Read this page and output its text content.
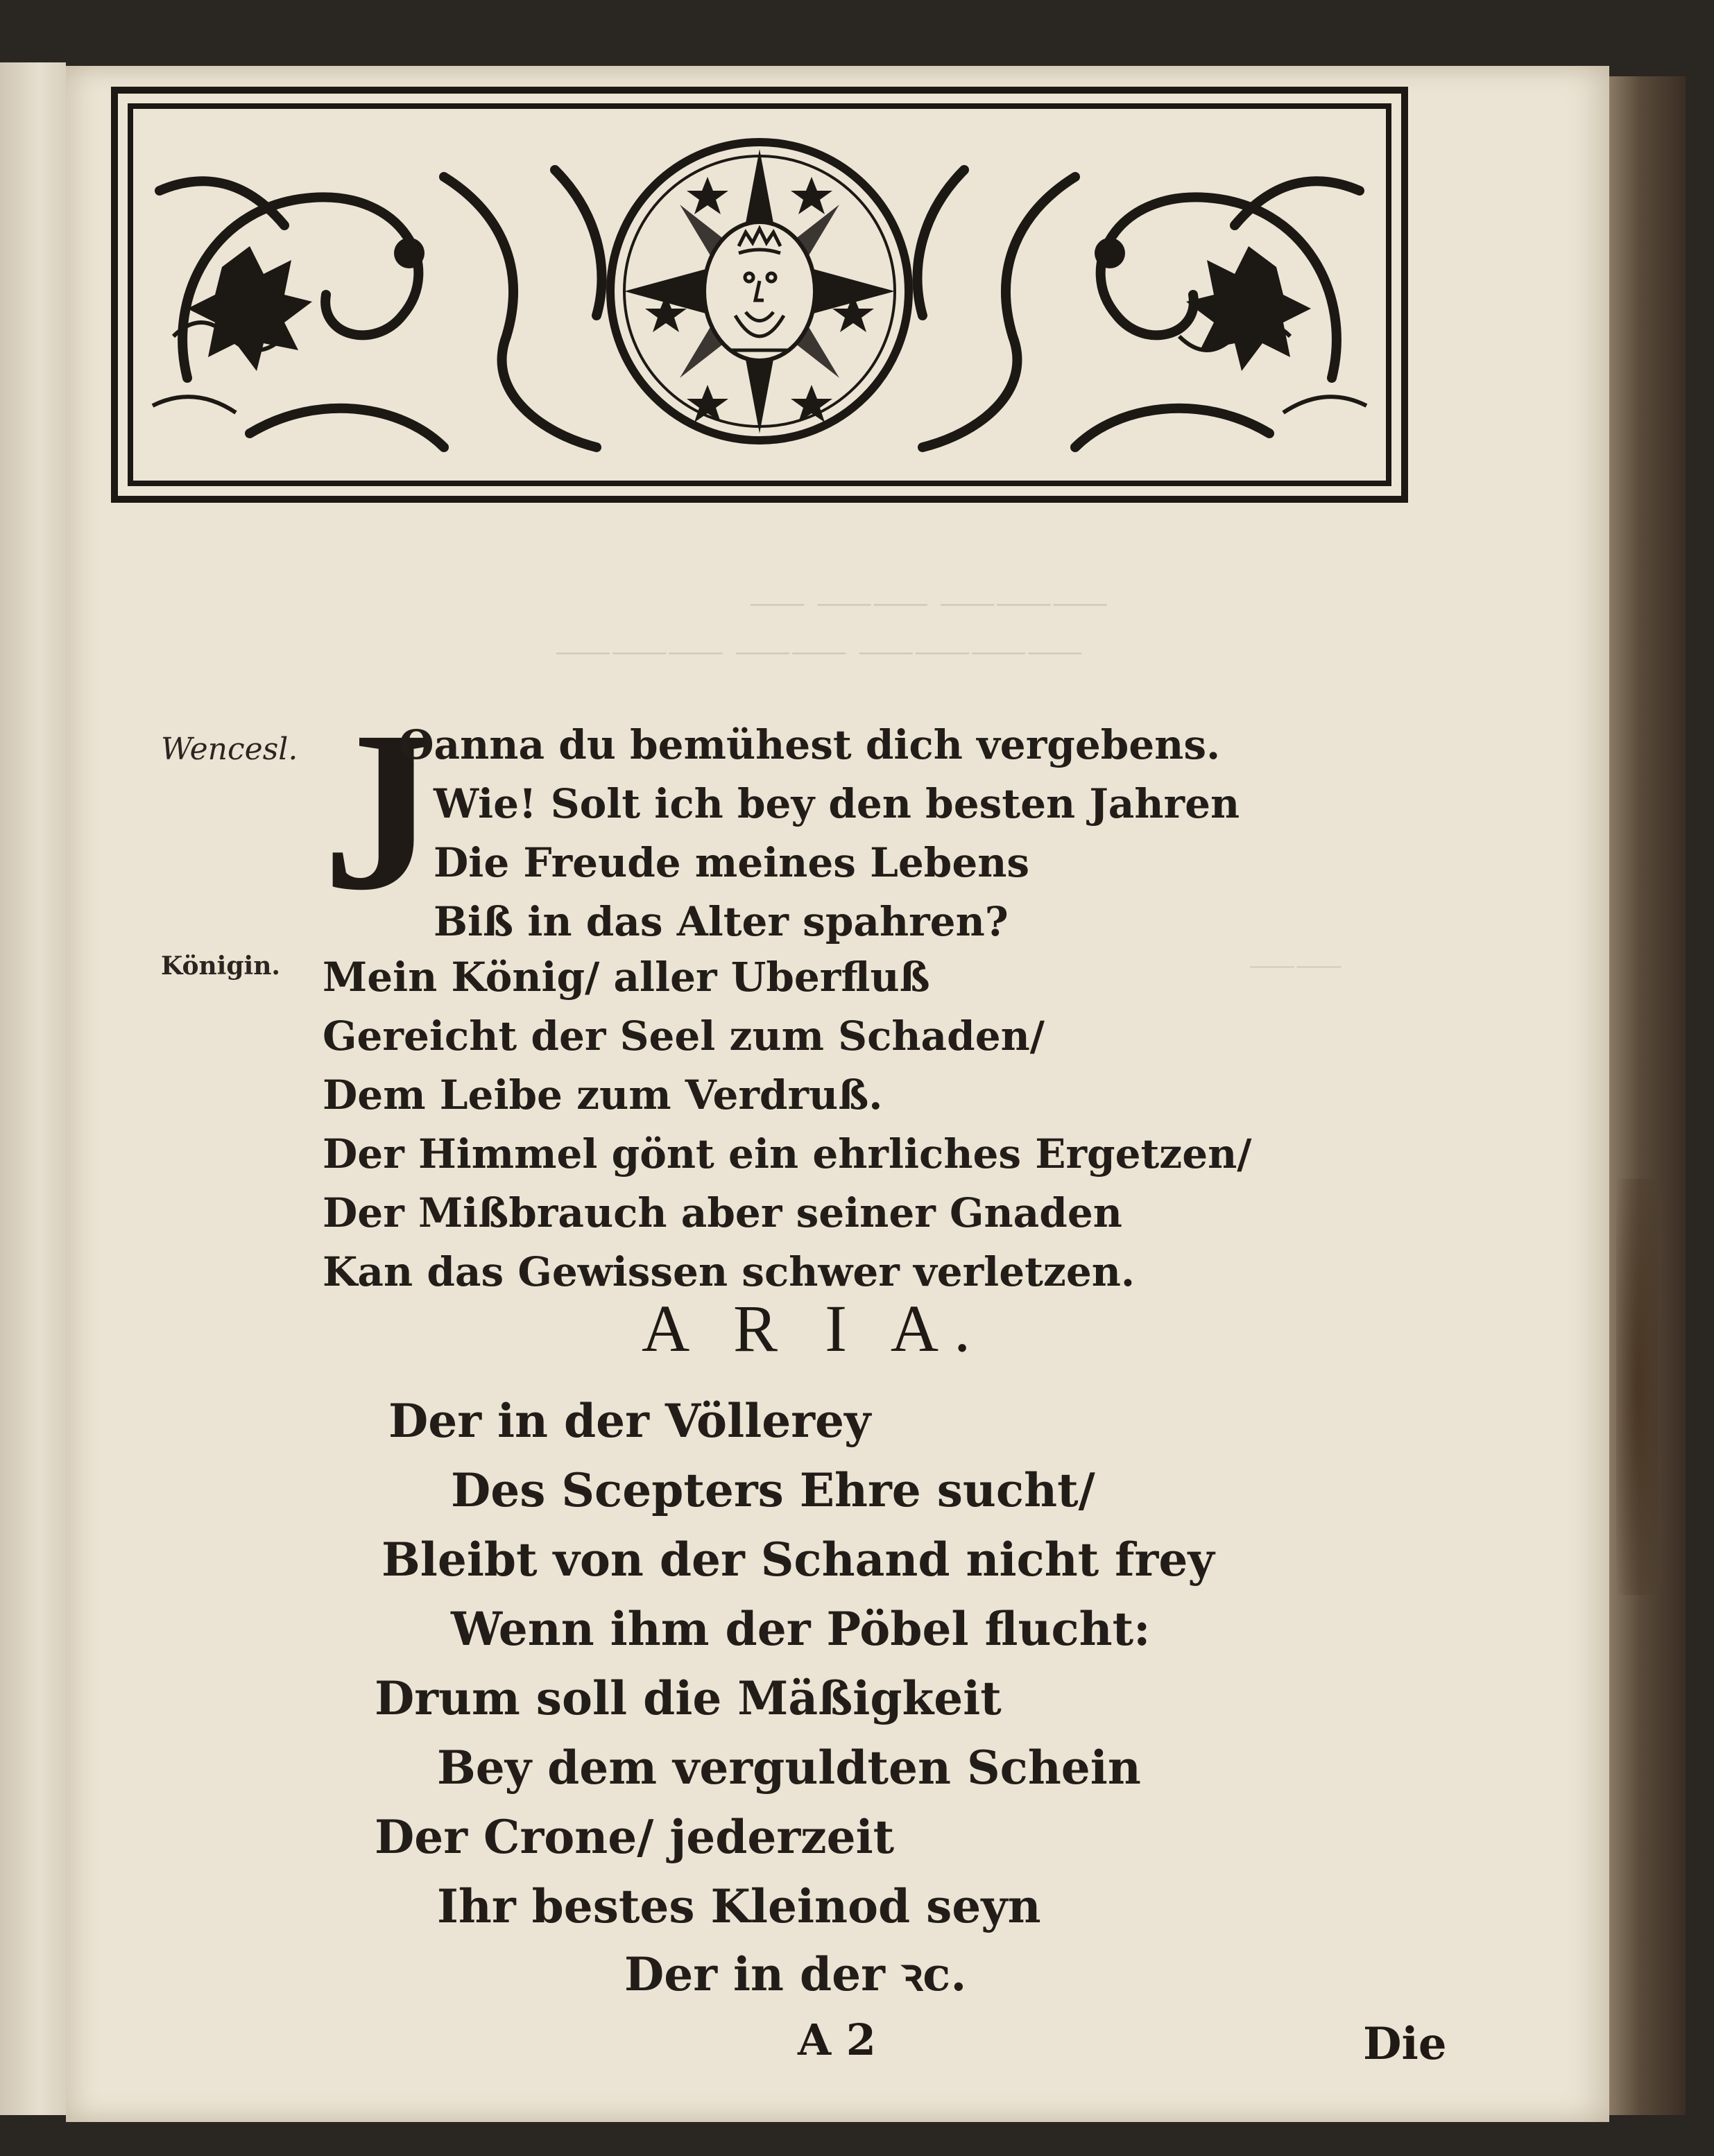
⸺ ⸺⸺ ⸺⸺⸺
⸺⸺⸺ ⸺⸺ ⸺⸺⸺⸺
⸺⸺
Wencesl.
Königin.
J
Oanna du bemühest dich vergebens.
Wie! Solt ich bey den besten Jahren
Die Freude meines Lebens
Biß in das Alter spahren?
Mein König/ aller Uberfluß
Gereicht der Seel zum Schaden/
Dem Leibe zum Verdruß.
Der Himmel gönt ein ehrliches Ergetzen/
Der Mißbrauch aber seiner Gnaden
Kan das Gewissen schwer verletzen.
A R I A.
Der in der Völlerey
Des Scepters Ehre sucht/
Bleibt von der Schand nicht frey
Wenn ihm der Pöbel flucht:
Drum soll die Mäßigkeit
Bey dem verguldten Schein
Der Crone/ jederzeit
Ihr bestes Kleinod seyn
Der in der ꝛc.
A 2	Die
